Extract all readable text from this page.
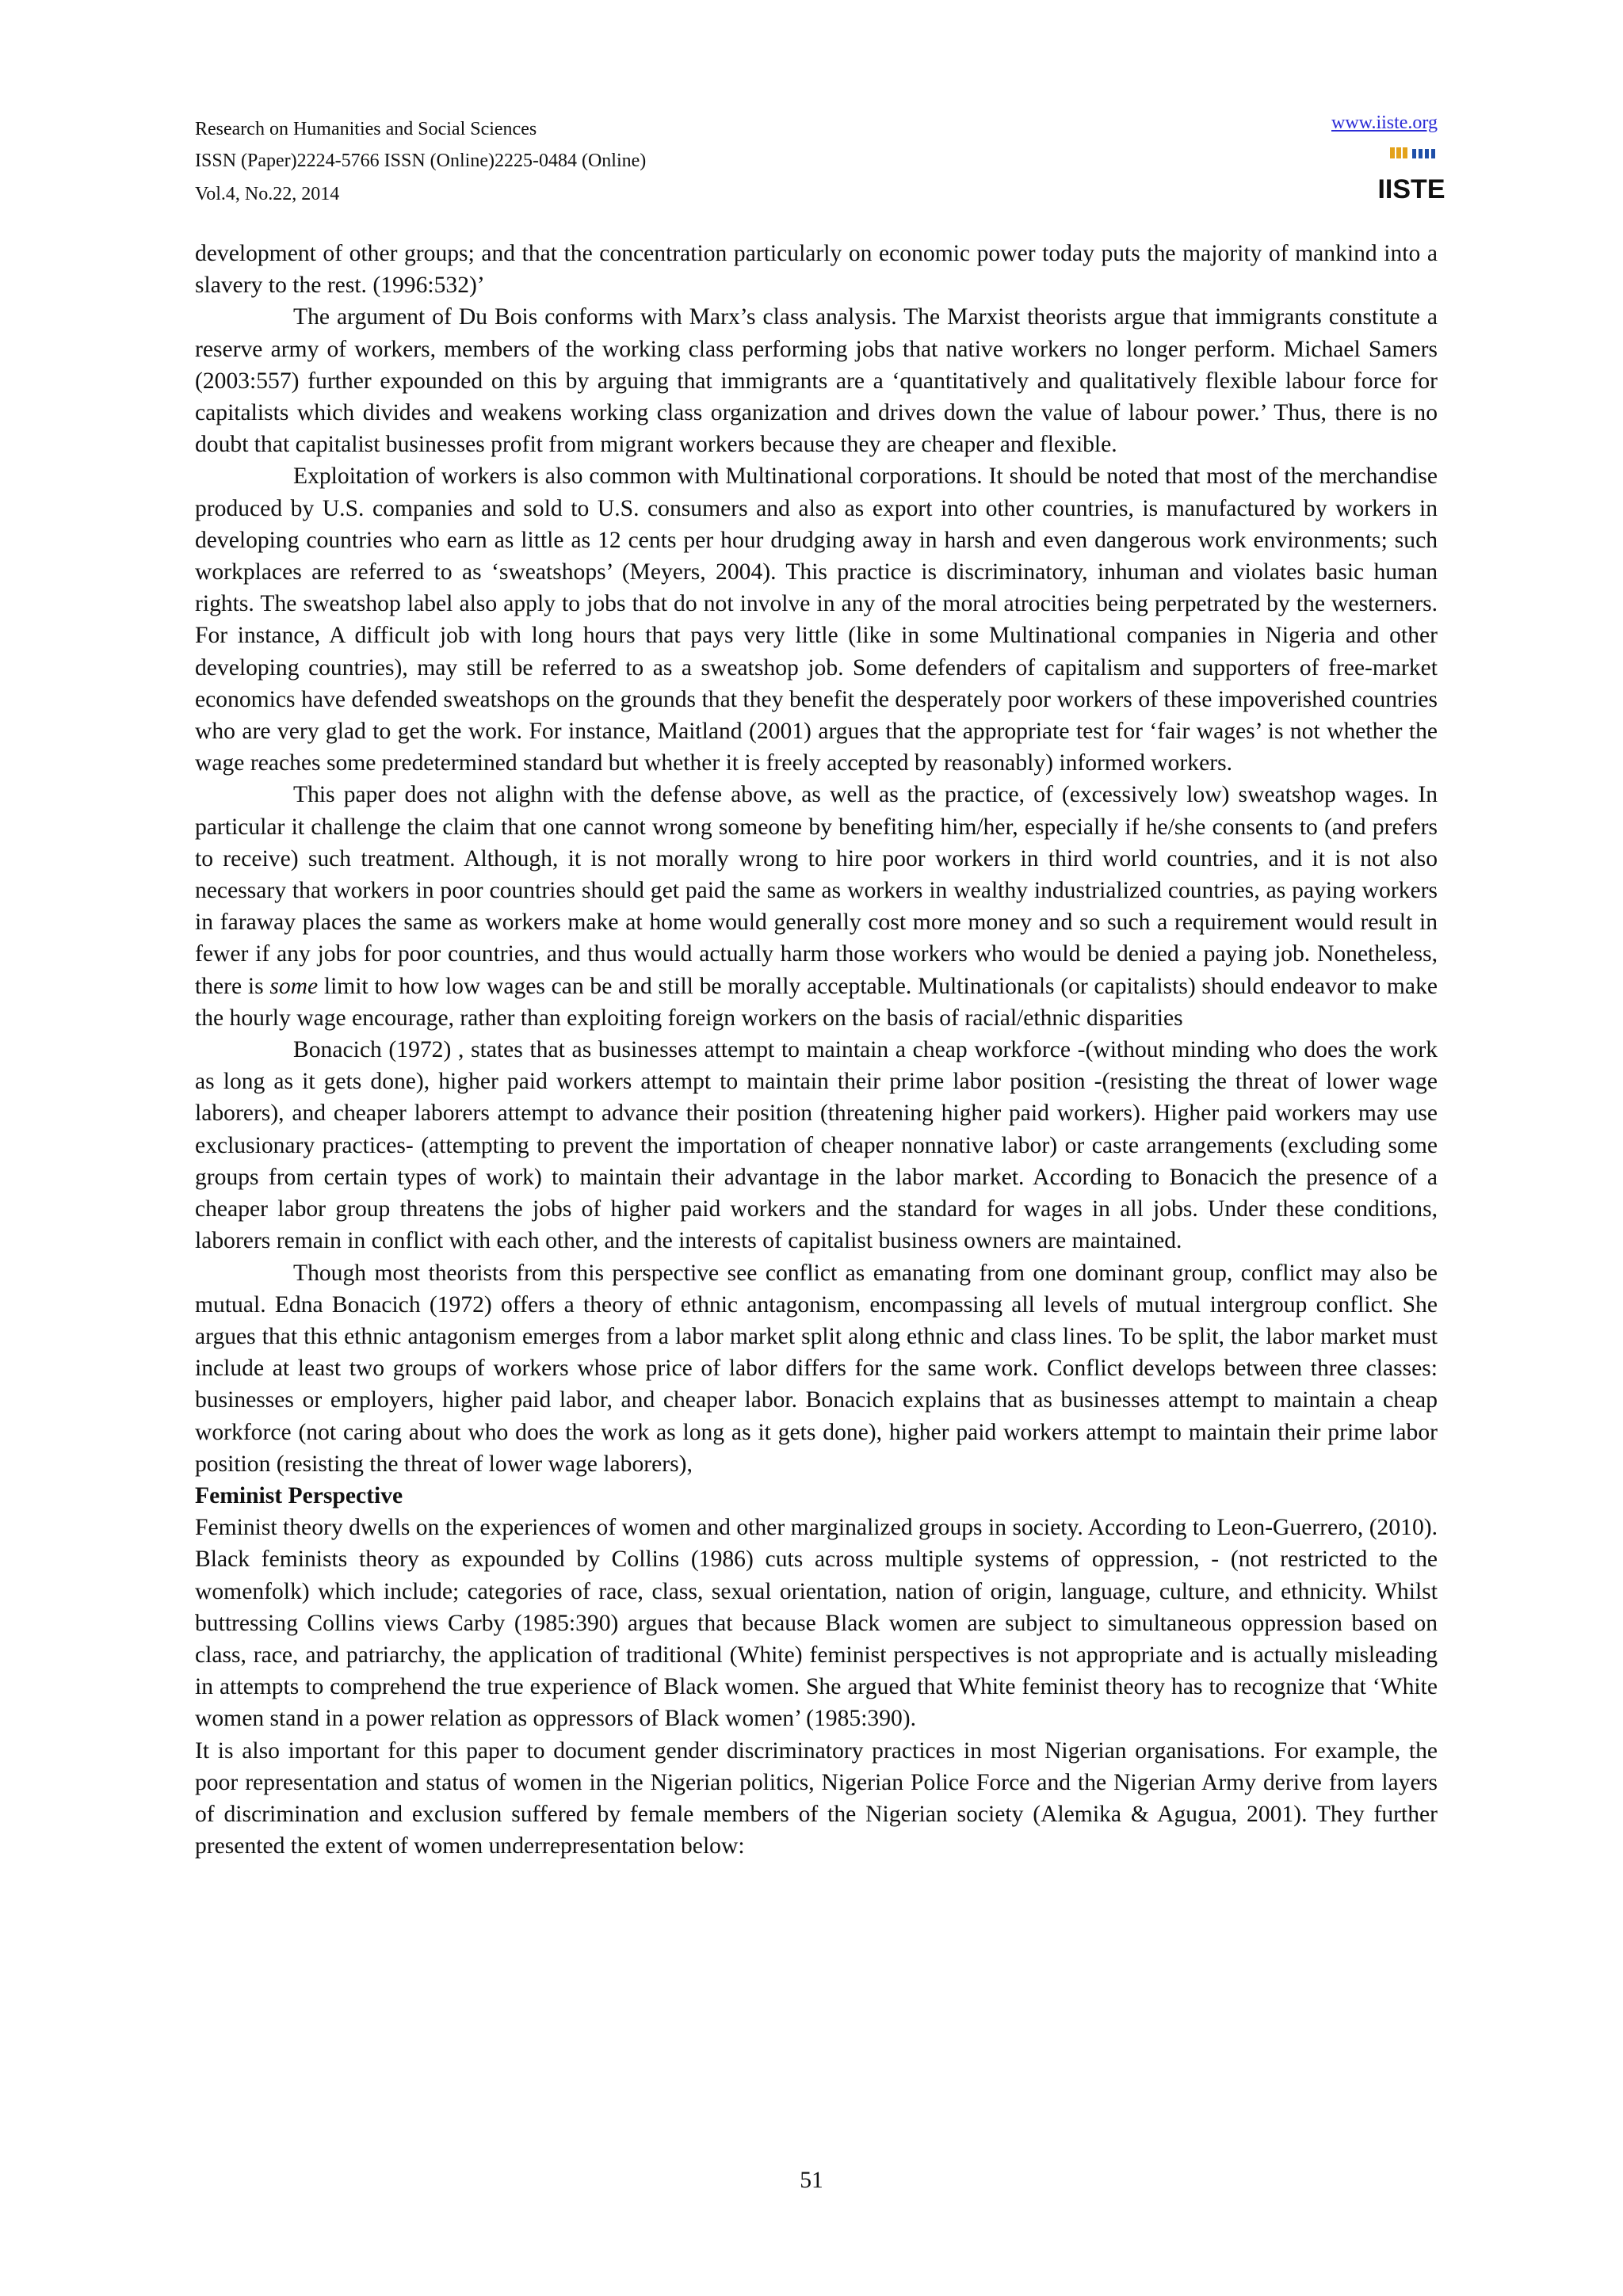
Research on Humanities and Social Sciences
ISSN (Paper)2224-5766 ISSN (Online)2225-0484 (Online)
Vol.4, No.22, 2014
www.iiste.org
IISTE

development of other groups; and that the concentration particularly on economic power today puts the majority of mankind into a slavery to the rest. (1996:532)’

The argument of Du Bois conforms with Marx’s class analysis. The Marxist theorists argue that immigrants constitute a reserve army of workers, members of the working class performing jobs that native workers no longer perform. Michael Samers (2003:557) further expounded on this by arguing that immigrants are a ‘quantitatively and qualitatively flexible labour force for capitalists which divides and weakens working class organization and drives down the value of labour power.’ Thus, there is no doubt that capitalist businesses profit from migrant workers because they are cheaper and flexible.

Exploitation of workers is also common with Multinational corporations. It should be noted that most of the merchandise produced by U.S. companies and sold to U.S. consumers and also as export into other countries, is manufactured by workers in developing countries who earn as little as 12 cents per hour drudging away in harsh and even dangerous work environments; such workplaces are referred to as ‘sweatshops’ (Meyers, 2004). This practice is discriminatory, inhuman and violates basic human rights. The sweatshop label also apply to jobs that do not involve in any of the moral atrocities being perpetrated by the westerners. For instance, A difficult job with long hours that pays very little (like in some Multinational companies in Nigeria and other developing countries), may still be referred to as a sweatshop job. Some defenders of capitalism and supporters of free-market economics have defended sweatshops on the grounds that they benefit the desperately poor workers of these impoverished countries who are very glad to get the work. For instance, Maitland (2001) argues that the appropriate test for ‘fair wages’ is not whether the wage reaches some predetermined standard but whether it is freely accepted by reasonably) informed workers.

This paper does not alighn with the defense above, as well as the practice, of (excessively low) sweatshop wages. In particular it challenge the claim that one cannot wrong someone by benefiting him/her, especially if he/she consents to (and prefers to receive) such treatment. Although, it is not morally wrong to hire poor workers in third world countries, and it is not also necessary that workers in poor countries should get paid the same as workers in wealthy industrialized countries, as paying workers in faraway places the same as workers make at home would generally cost more money and so such a requirement would result in fewer if any jobs for poor countries, and thus would actually harm those workers who would be denied a paying job. Nonetheless, there is some limit to how low wages can be and still be morally acceptable. Multinationals (or capitalists) should endeavor to make the hourly wage encourage, rather than exploiting foreign workers on the basis of racial/ethnic disparities

Bonacich (1972) , states that as businesses attempt to maintain a cheap workforce -(without minding who does the work as long as it gets done), higher paid workers attempt to maintain their prime labor position -(resisting the threat of lower wage laborers), and cheaper laborers attempt to advance their position (threatening higher paid workers). Higher paid workers may use exclusionary practices- (attempting to prevent the importation of cheaper nonnative labor) or caste arrangements (excluding some groups from certain types of work) to maintain their advantage in the labor market. According to Bonacich the presence of a cheaper labor group threatens the jobs of higher paid workers and the standard for wages in all jobs. Under these conditions, laborers remain in conflict with each other, and the interests of capitalist business owners are maintained.

Though most theorists from this perspective see conflict as emanating from one dominant group, conflict may also be mutual. Edna Bonacich (1972) offers a theory of ethnic antagonism, encompassing all levels of mutual intergroup conflict. She argues that this ethnic antagonism emerges from a labor market split along ethnic and class lines. To be split, the labor market must include at least two groups of workers whose price of labor differs for the same work. Conflict develops between three classes: businesses or employers, higher paid labor, and cheaper labor. Bonacich explains that as businesses attempt to maintain a cheap workforce (not caring about who does the work as long as it gets done), higher paid workers attempt to maintain their prime labor position (resisting the threat of lower wage laborers),

Feminist Perspective

Feminist theory dwells on the experiences of women and other marginalized groups in society. According to Leon-Guerrero, (2010). Black feminists theory as expounded by Collins (1986) cuts across multiple systems of oppression, - (not restricted to the womenfolk) which include; categories of race, class, sexual orientation, nation of origin, language, culture, and ethnicity. Whilst buttressing Collins views Carby (1985:390) argues that because Black women are subject to simultaneous oppression based on class, race, and patriarchy, the application of traditional (White) feminist perspectives is not appropriate and is actually misleading in attempts to comprehend the true experience of Black women. She argued that White feminist theory has to recognize that ‘White women stand in a power relation as oppressors of Black women’ (1985:390).

It is also important for this paper to document gender discriminatory practices in most Nigerian organisations. For example, the poor representation and status of women in the Nigerian politics, Nigerian Police Force and the Nigerian Army derive from layers of discrimination and exclusion suffered by female members of the Nigerian society (Alemika & Agugua, 2001). They further presented the extent of women underrepresentation below:

51
